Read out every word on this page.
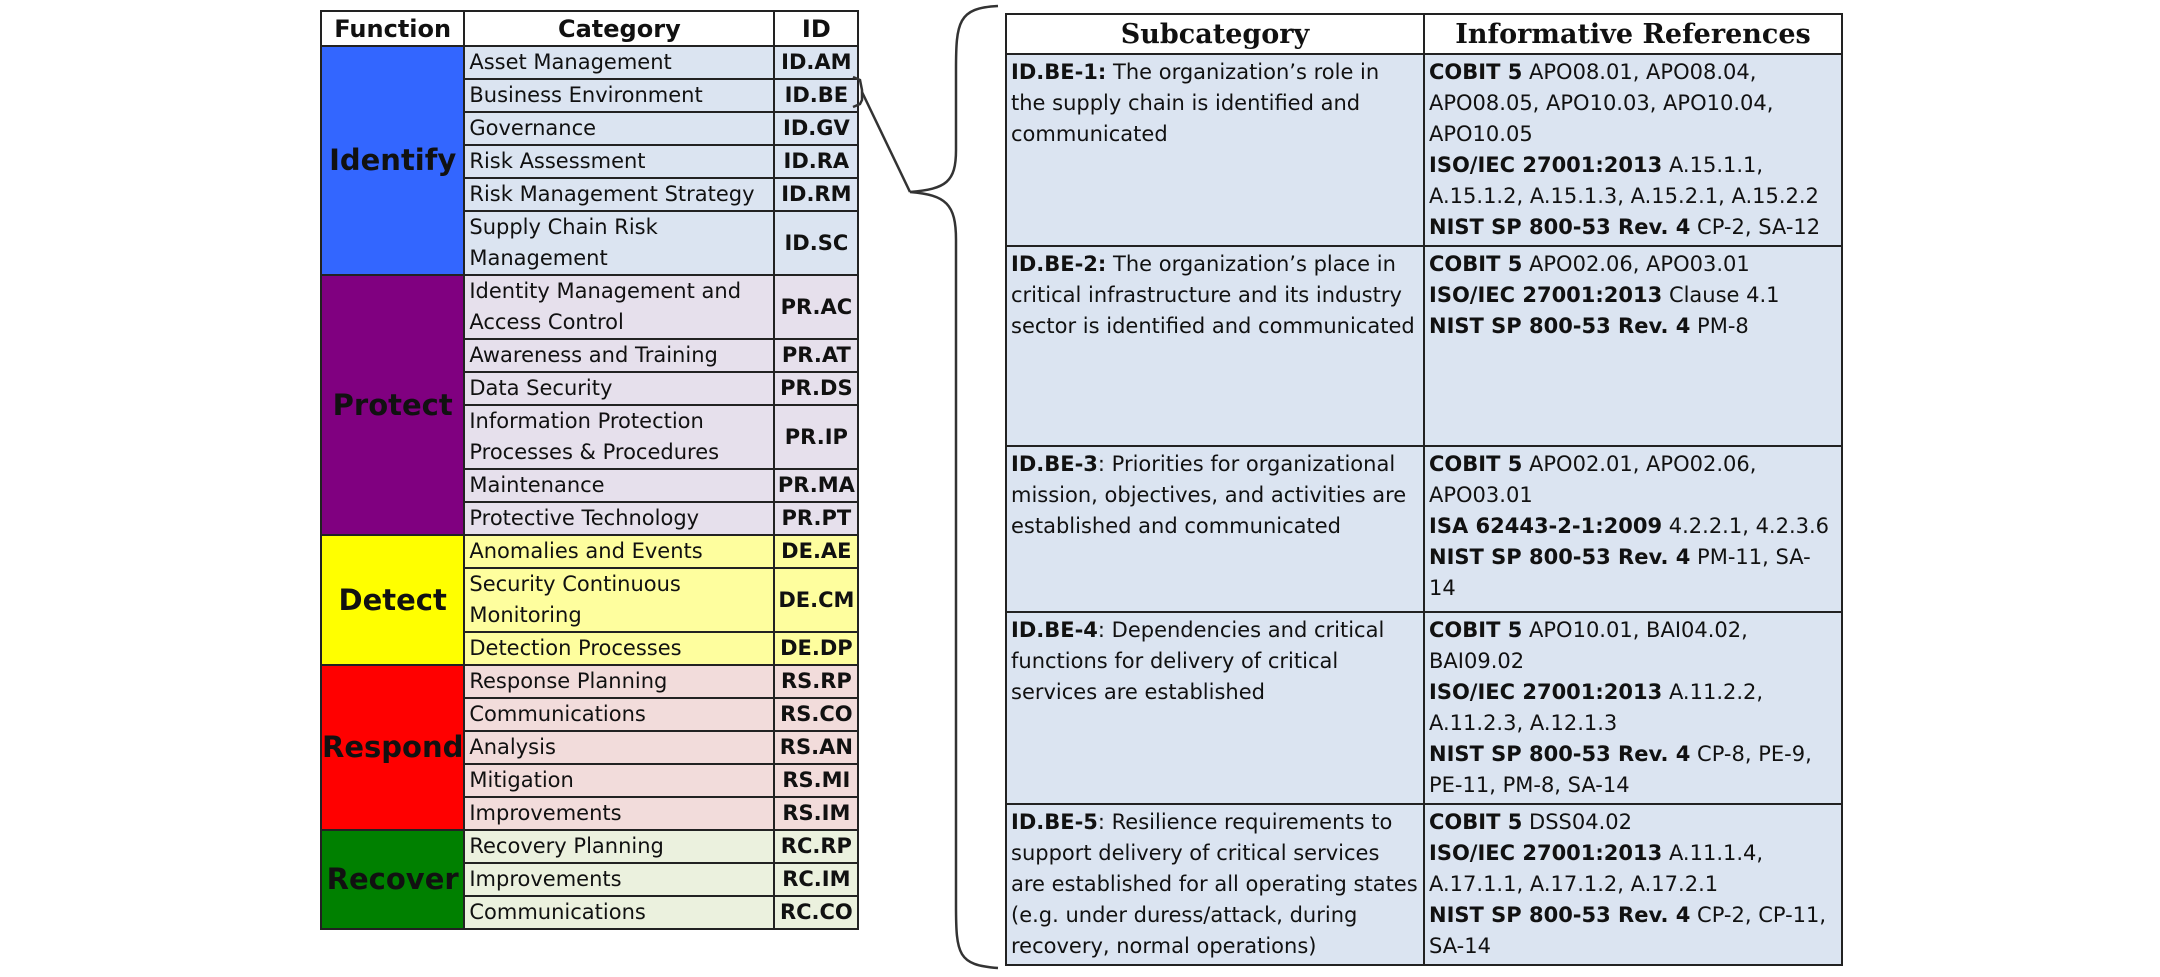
Function	Category	ID
Identify	Asset Management	ID.AM
	Business Environment	ID.BE
	Governance	ID.GV
	Risk Assessment	ID.RA
	Risk Management Strategy	ID.RM
	Supply Chain Risk Management	ID.SC
Protect	Identity Management and Access Control	PR.AC
	Awareness and Training	PR.AT
	Data Security	PR.DS
	Information Protection Processes & Procedures	PR.IP
	Maintenance	PR.MA
	Protective Technology	PR.PT
Detect	Anomalies and Events	DE.AE
	Security Continuous Monitoring	DE.CM
	Detection Processes	DE.DP
Respond	Response Planning	RS.RP
	Communications	RS.CO
	Analysis	RS.AN
	Mitigation	RS.MI
	Improvements	RS.IM
Recover	Recovery Planning	RC.RP
	Improvements	RC.IM
	Communications	RC.CO
Subcategory	Informative References
ID.BE-1: The organization’s role in the supply chain is identified and communicated	COBIT 5 APO08.01, APO08.04, APO08.05, APO10.03, APO10.04, APO10.05
ISO/IEC 27001:2013 A.15.1.1, A.15.1.2, A.15.1.3, A.15.2.1, A.15.2.2
NIST SP 800-53 Rev. 4 CP-2, SA-12

ID.BE-2: The organization’s place in critical infrastructure and its industry sector is identified and communicated	COBIT 5 APO02.06, APO03.01
ISO/IEC 27001:2013 Clause 4.1
NIST SP 800-53 Rev. 4 PM-8

ID.BE-3: Priorities for organizational mission, objectives, and activities are established and communicated	COBIT 5 APO02.01, APO02.06, APO03.01
ISA 62443-2-1:2009 4.2.2.1, 4.2.3.6
NIST SP 800-53 Rev. 4 PM-11, SA-14

ID.BE-4: Dependencies and critical functions for delivery of critical services are established	COBIT 5 APO10.01, BAI04.02, BAI09.02
ISO/IEC 27001:2013 A.11.2.2, A.11.2.3, A.12.1.3
NIST SP 800-53 Rev. 4 CP-8, PE-9, PE-11, PM-8, SA-14

ID.BE-5: Resilience requirements to support delivery of critical services are established for all operating states (e.g. under duress/attack, during recovery, normal operations)	COBIT 5 DSS04.02
ISO/IEC 27001:2013 A.11.1.4, A.17.1.1, A.17.1.2, A.17.2.1
NIST SP 800-53 Rev. 4 CP-2, CP-11, SA-14
